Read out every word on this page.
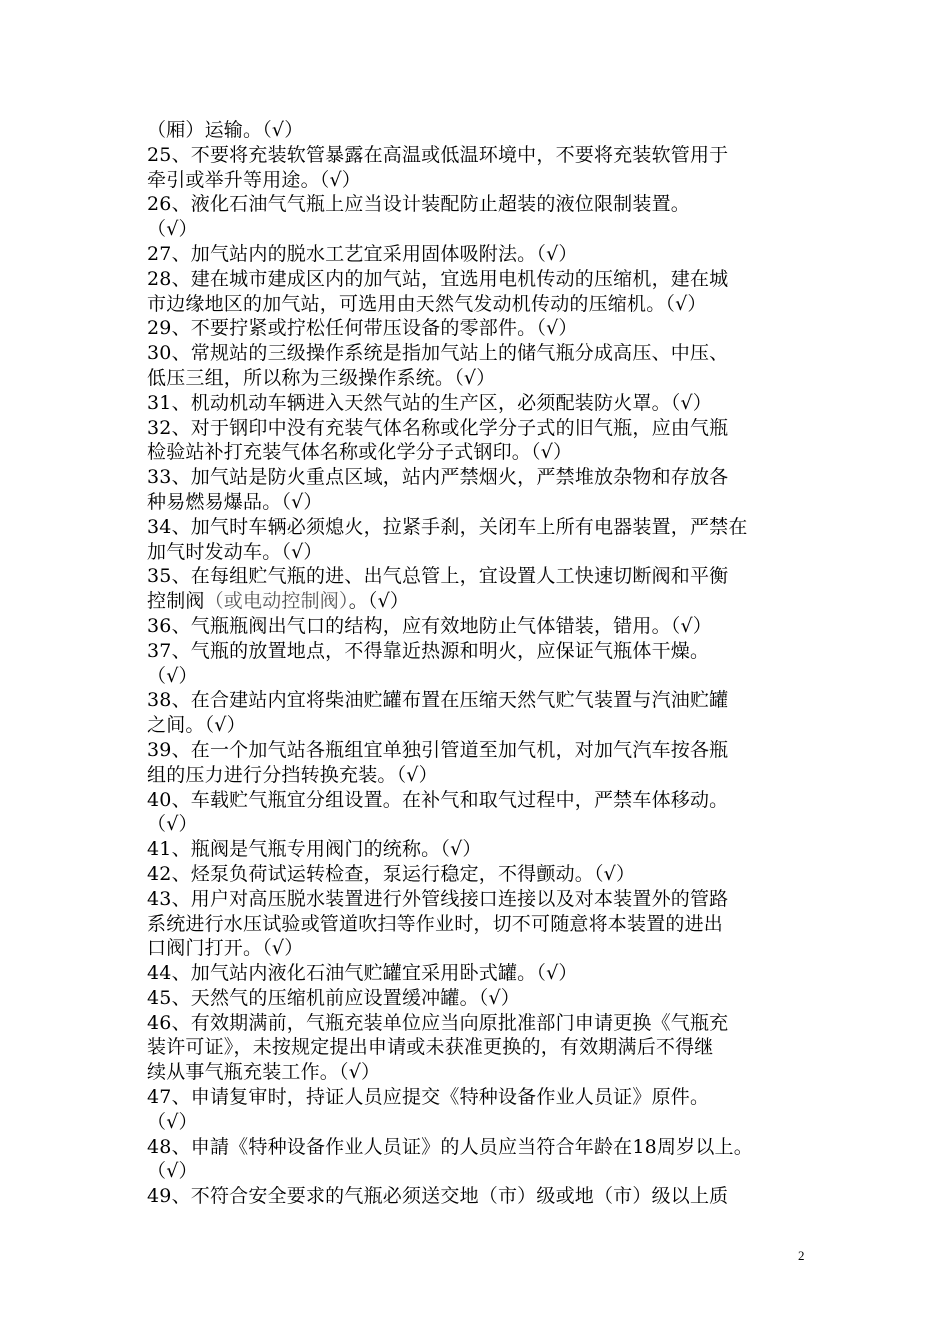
（厢）运输。（√）
25、不要将充装软管暴露在高温或低温环境中，不要将充装软管用于
牵引或举升等用途。（√）
26、液化石油气气瓶上应当设计装配防止超装的液位限制装置。
（√）
27、加气站内的脱水工艺宜采用固体吸附法。（√）
28、建在城市建成区内的加气站，宜选用电机传动的压缩机，建在城
市边缘地区的加气站，可选用由天然气发动机传动的压缩机。（√）
29、不要拧紧或拧松任何带压设备的零部件。（√）
30、常规站的三级操作系统是指加气站上的储气瓶分成高压、中压、
低压三组，所以称为三级操作系统。（√）
31、机动机动车辆进入天然气站的生产区，必须配装防火罩。（√）
32、对于钢印中没有充装气体名称或化学分子式的旧气瓶，应由气瓶
检验站补打充装气体名称或化学分子式钢印。（√）
33、加气站是防火重点区域，站内严禁烟火，严禁堆放杂物和存放各
种易燃易爆品。（√）
34、加气时车辆必须熄火，拉紧手刹，关闭车上所有电器装置，严禁在
加气时发动车。（√）
35、在每组贮气瓶的进、出气总管上，宜设置人工快速切断阀和平衡
控制阀（或电动控制阀）。（√）
36、气瓶瓶阀出气口的结构，应有效地防止气体错装，错用。（√）
37、气瓶的放置地点，不得靠近热源和明火，应保证气瓶体干燥。
（√）
38、在合建站内宜将柴油贮罐布置在压缩天然气贮气装置与汽油贮罐
之间。（√）
39、在一个加气站各瓶组宜单独引管道至加气机，对加气汽车按各瓶
组的压力进行分挡转换充装。（√）
40、车载贮气瓶宜分组设置。在补气和取气过程中，严禁车体移动。
（√）
41、瓶阀是气瓶专用阀门的统称。（√）
42、烃泵负荷试运转检查，泵运行稳定，不得颤动。（√）
43、用户对高压脱水装置进行外管线接口连接以及对本装置外的管路
系统进行水压试验或管道吹扫等作业时，切不可随意将本装置的进出
口阀门打开。（√）
44、加气站内液化石油气贮罐宜采用卧式罐。（√）
45、天然气的压缩机前应设置缓冲罐。（√）
46、有效期满前，气瓶充装单位应当向原批准部门申请更换《气瓶充
装许可证》，未按规定提出申请或未获准更换的，有效期满后不得继
续从事气瓶充装工作。（√）
47、申请复审时，持证人员应提交《特种设备作业人员证》原件。
（√）
48、申請《特种设备作业人员证》的人员应当符合年龄在18周岁以上。
（√）
49、不符合安全要求的气瓶必须送交地（市）级或地（市）级以上质
2
